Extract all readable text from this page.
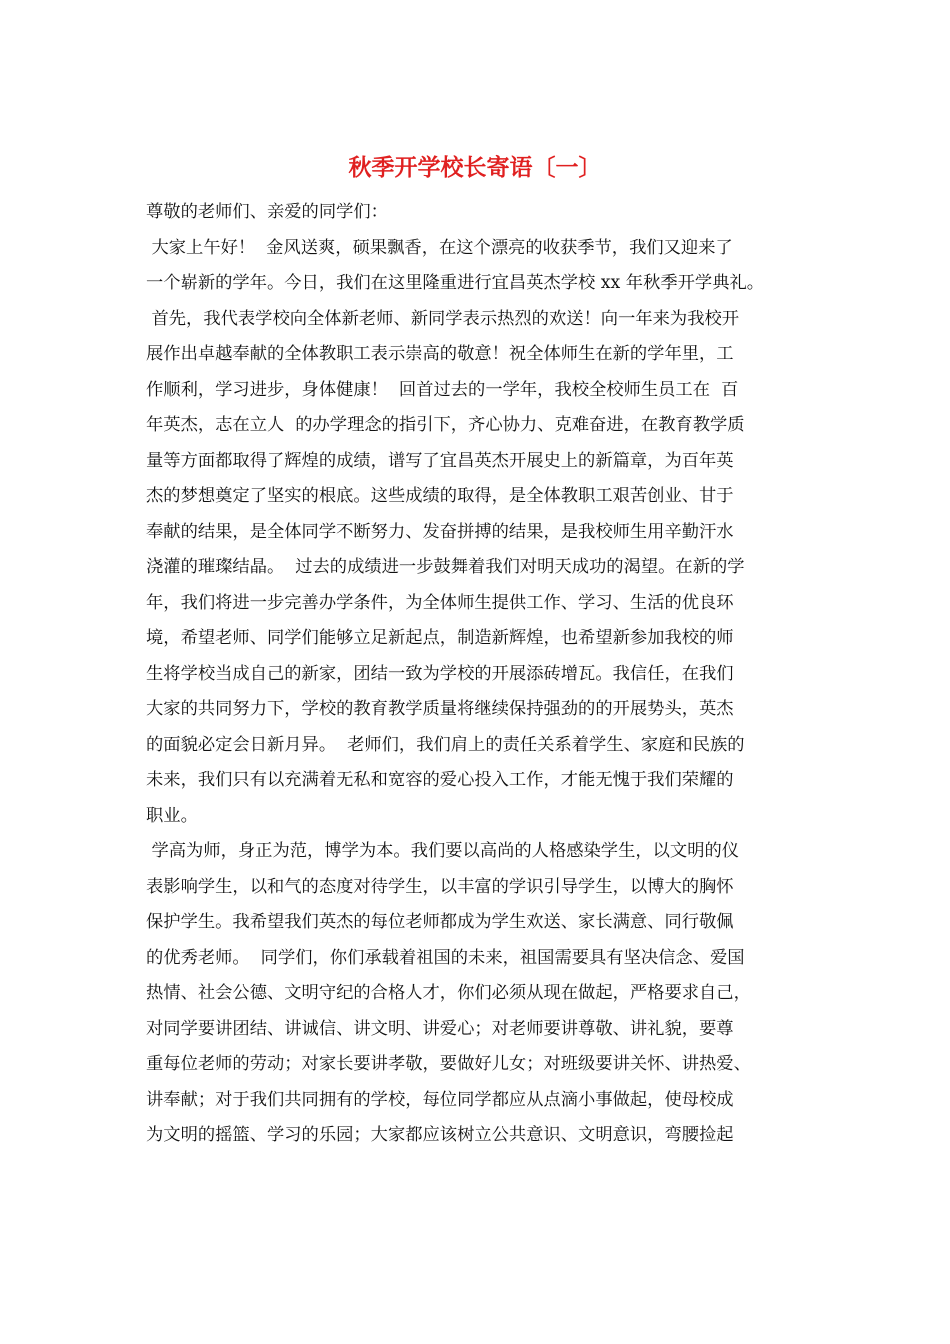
秋季开学校长寄语〔一〕
尊敬的老师们、亲爱的同学们：
大家上午好！  金风送爽，硕果飘香，在这个漂亮的收获季节，我们又迎来了
一个崭新的学年。今日，我们在这里隆重进行宜昌英杰学校 xx 年秋季开学典礼。
首先，我代表学校向全体新老师、新同学表示热烈的欢送！向一年来为我校开
展作出卓越奉献的全体教职工表示崇高的敬意！祝全体师生在新的学年里，工
作顺利，学习进步，身体健康！  回首过去的一学年，我校全校师生员工在  百
年英杰，志在立人  的办学理念的指引下，齐心协力、克难奋进，在教育教学质
量等方面都取得了辉煌的成绩，谱写了宜昌英杰开展史上的新篇章，为百年英
杰的梦想奠定了坚实的根底。这些成绩的取得，是全体教职工艰苦创业、甘于
奉献的结果，是全体同学不断努力、发奋拼搏的结果，是我校师生用辛勤汗水
浇灌的璀璨结晶。  过去的成绩进一步鼓舞着我们对明天成功的渴望。在新的学
年，我们将进一步完善办学条件，为全体师生提供工作、学习、生活的优良环
境，希望老师、同学们能够立足新起点，制造新辉煌，也希望新参加我校的师
生将学校当成自己的新家，团结一致为学校的开展添砖增瓦。我信任，在我们
大家的共同努力下，学校的教育教学质量将继续保持强劲的的开展势头，英杰
的面貌必定会日新月异。  老师们，我们肩上的责任关系着学生、家庭和民族的
未来，我们只有以充满着无私和宽容的爱心投入工作，才能无愧于我们荣耀的
职业。
学高为师，身正为范，博学为本。我们要以高尚的人格感染学生，以文明的仪
表影响学生，以和气的态度对待学生，以丰富的学识引导学生，以博大的胸怀
保护学生。我希望我们英杰的每位老师都成为学生欢送、家长满意、同行敬佩
的优秀老师。  同学们，你们承载着祖国的未来，祖国需要具有坚决信念、爱国
热情、社会公德、文明守纪的合格人才，你们必须从现在做起，严格要求自己，
对同学要讲团结、讲诚信、讲文明、讲爱心；对老师要讲尊敬、讲礼貌，要尊
重每位老师的劳动；对家长要讲孝敬，要做好儿女；对班级要讲关怀、讲热爱、
讲奉献；对于我们共同拥有的学校，每位同学都应从点滴小事做起，使母校成
为文明的摇篮、学习的乐园；大家都应该树立公共意识、文明意识，弯腰捡起
